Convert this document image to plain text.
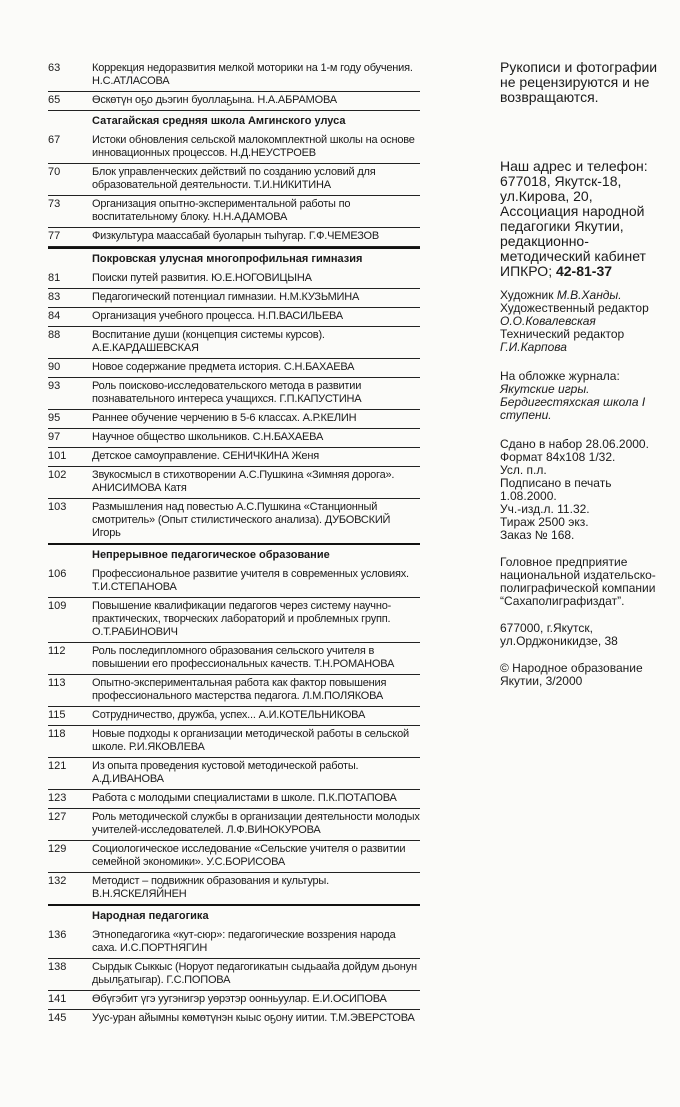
63	Коррекция недоразвития мелкой моторики на 1-м году обучения. Н.С.АТЛАСОВА
65	Өскөтүн оҕо дьэгин буоллаҕына. Н.А.АБРАМОВА
Сатагайская средняя школа Амгинского улуса
67	Истоки обновления сельской малокомплектной школы на основе инновационных процессов. Н.Д.НЕУСТРОЕВ
70	Блок управленческих действий по созданию условий для образовательной деятельности. Т.И.НИКИТИНА
73	Организация опытно-экспериментальной работы по воспитательному блоку. Н.Н.АДАМОВА
77	Физкультура маассабай буоларын тыһугар. Г.Ф.ЧЕМЕЗОВ
Покровская улусная многопрофильная гимназия
81	Поиски путей развития. Ю.Е.НОГОВИЦЫНА
83	Педагогический потенциал гимназии. Н.М.КУЗЬМИНА
84	Организация учебного процесса. Н.П.ВАСИЛЬЕВА
88	Воспитание души (концепция системы курсов). А.Е.КАРДАШЕВСКАЯ
90	Новое содержание предмета история. С.Н.БАХАЕВА
93	Роль поисково-исследовательского метода в развитии познавательного интереса учащихся. Г.П.КАПУСТИНА
95	Раннее обучение черчению в 5-6 классах. А.Р.КЕЛИН
97	Научное общество школьников. С.Н.БАХАЕВА
101	Детское самоуправление. СЕНИЧКИНА Женя
102	Звукосмысл в стихотворении А.С.Пушкина «Зимняя дорога». АНИСИМОВА Катя
103	Размышления над повестью А.С.Пушкина «Станционный смотритель» (Опыт стилистического анализа). ДУБОВСКИЙ Игорь
Непрерывное педагогическое образование
106	Профессиональное развитие учителя в современных условиях. Т.И.СТЕПАНОВА
109	Повышение квалификации педагогов через систему научно-практических, творческих лабораторий и проблемных групп. О.Т.РАБИНОВИЧ
112	Роль последипломного образования сельского учителя в повышении его профессиональных качеств. Т.Н.РОМАНОВА
113	Опытно-экспериментальная работа как фактор повышения профессионального мастерства педагога. Л.М.ПОЛЯКОВА
115	Сотрудничество, дружба, успех... А.И.КОТЕЛЬНИКОВА
118	Новые подходы к организации методической работы в сельской школе. Р.И.ЯКОВЛЕВА
121	Из опыта проведения кустовой методической работы. А.Д.ИВАНОВА
123	Работа с молодыми специалистами в школе. П.К.ПОТАПОВА
127	Роль методической службы в организации деятельности молодых учителей-исследователей. Л.Ф.ВИНОКУРОВА
129	Социологическое исследование «Сельские учителя о развитии семейной экономики». У.С.БОРИСОВА
132	Методист – подвижник образования и культуры. В.Н.ЯСКЕЛЯЙНЕН
Народная педагогика
136	Этнопедагогика «кут-сюр»: педагогические воззрения народа саха. И.С.ПОРТНЯГИН
138	Сырдык Сыккыс (Норуот педагогикатын сыдьаайа дойдум дьонун дьылҕатыгар). Г.С.ПОПОВА
141	Өбүгэбит үгэ уугэнигэр уөрэтэр оонньуулар. Е.И.ОСИПОВА
145	Уус-уран айымны көмөтүнэн кыыс оҕону иитии. Т.М.ЭВЕРСТОВА

Рукописи и фотографии не рецензируются и не возвращаются.

Наш адрес и телефон: 677018, Якутск-18, ул.Кирова, 20, Ассоциация народной педагогики Якутии, редакционно-методический кабинет ИПКРО; 42-81-37

Художник М.В.Ханды.

Художественный редактор О.О.Ковалевская

Технический редактор Г.И.Карпова

На обложке журнала: Якутские игры. Бердигестяхская школа I ступени.

Сдано в набор 28.06.2000.

Формат 84x108 1/32.

Усл. п.л.

Подписано в печать 1.08.2000.

Уч.-изд.л. 11.32.

Тираж 2500 экз.

Заказ № 168.

Головное предприятие национальной издательско-полиграфической компании “Сахаполиграфиздат”.

677000, г.Якутск, ул.Орджоникидзе, 38

© Народное образование Якутии, 3/2000
